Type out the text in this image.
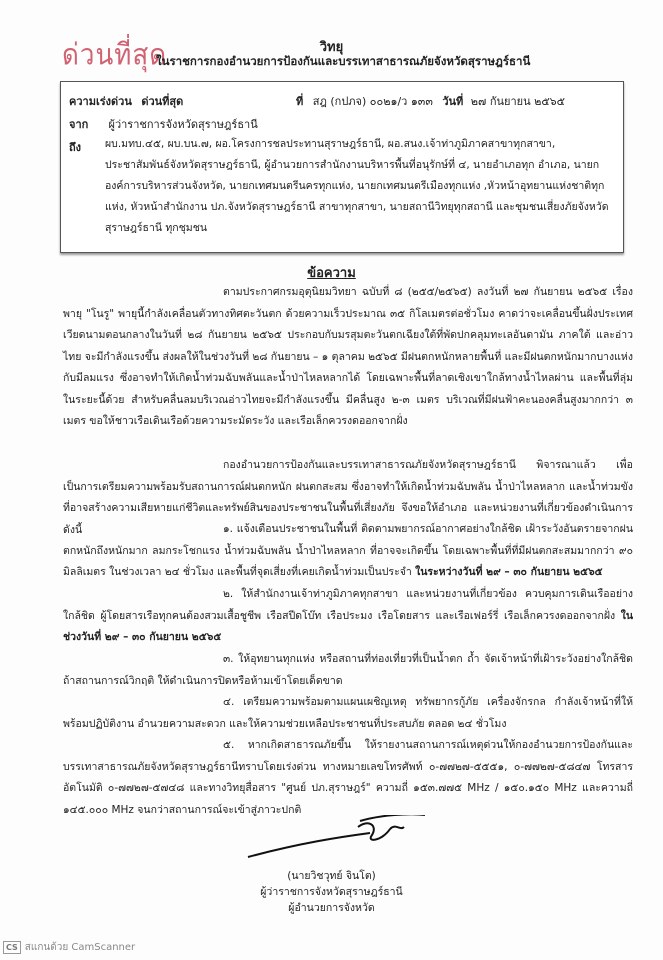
ด่วนที่สุด	วิทยุ
ในราชการกองอำนวยการป้องกันและบรรเทาสาธารณภัยจังหวัดสุราษฎร์ธานี
ความเร่งด่วน ด่วนที่สุด	ที่ สฎ (กปภจ) ๐๐๒๑/ว ๑๓๓ วันที่ ๒๗ กันยายน ๒๕๖๕
จาก ผู้ว่าราชการจังหวัดสุราษฎร์ธานี
ถึง ผบ.มทบ.๔๕, ผบ.บน.๗, ผอ.โครงการชลประทานสุราษฎร์ธานี, ผอ.สนง.เจ้าท่าภูมิภาคสาขาทุกสาขา, ประชาสัมพันธ์จังหวัดสุราษฎร์ธานี, ผู้อำนวยการสำนักงานบริหารพื้นที่อนุรักษ์ที่ ๔, นายอำเภอทุก อำเภอ, นายกองค์การบริหารส่วนจังหวัด, นายกเทศมนตรีนครทุกแห่ง, นายกเทศมนตรีเมืองทุกแห่ง ,หัวหน้าอุทยานแห่งชาติทุกแห่ง, หัวหน้าสำนักงาน ปภ.จังหวัดสุราษฎร์ธานี สาขาทุกสาขา, นายสถานีวิทยุทุกสถานี และชุมชนเสี่ยงภัยจังหวัดสุราษฎร์ธานี ทุกชุมชน
ข้อความ
ตามประกาศกรมอุตุนิยมวิทยา ฉบับที่ ๘ (๒๕๕/๒๕๖๕) ลงวันที่ ๒๗ กันยายน ๒๕๖๕ เรื่อง พายุ "โนรู" พายุนี้กำลังเคลื่อนตัวทางทิศตะวันตก ด้วยความเร็วประมาณ ๓๕ กิโลเมตรต่อชั่วโมง คาดว่าจะเคลื่อนขึ้นฝั่งประเทศเวียดนามตอนกลางในวันที่ ๒๘ กันยายน ๒๕๖๕ ประกอบกับมรสุมตะวันตกเฉียงใต้ที่พัดปกคลุมทะเลอันดามัน ภาคใต้ และอ่าวไทย จะมีกำลังแรงขึ้น ส่งผลให้ในช่วงวันที่ ๒๘ กันยายน – ๑ ตุลาคม ๒๕๖๕ มีฝนตกหนักหลายพื้นที่ และมีฝนตกหนักมากบางแห่งกับมีลมแรง ซึ่งอาจทำให้เกิดน้ำท่วมฉับพลันและน้ำป่าไหลหลากได้ โดยเฉพาะพื้นที่ลาดเชิงเขาใกล้ทางน้ำไหลผ่าน และพื้นที่ลุ่มในระยะนี้ด้วย สำหรับคลื่นลมบริเวณอ่าวไทยจะมีกำลังแรงขึ้น มีคลื่นสูง ๒-๓ เมตร บริเวณที่มีฝนฟ้าคะนองคลื่นสูงมากกว่า ๓ เมตร ขอให้ชาวเรือเดินเรือด้วยความระมัดระวัง และเรือเล็กควรงดออกจากฝั่ง
กองอำนวยการป้องกันและบรรเทาสาธารณภัยจังหวัดสุราษฎร์ธานี พิจารณาแล้ว เพื่อเป็นการเตรียมความพร้อมรับสถานการณ์ฝนตกหนัก ฝนตกสะสม ซึ่งอาจทำให้เกิดน้ำท่วมฉับพลัน น้ำป่าไหลหลาก และน้ำท่วมขัง ที่อาจสร้างความเสียหายแก่ชีวิตและทรัพย์สินของประชาชนในพื้นที่เสี่ยงภัย จึงขอให้อำเภอ และหน่วยงานที่เกี่ยวข้องดำเนินการ ดังนี้	๑. แจ้งเตือนประชาชนในพื้นที่ ติดตามพยากรณ์อากาศอย่างใกล้ชิด เฝ้าระวังอันตรายจากฝนตกหนักถึงหนักมาก ลมกระโชกแรง น้ำท่วมฉับพลัน น้ำป่าไหลหลาก ที่อาจจะเกิดขึ้น โดยเฉพาะพื้นที่ที่มีฝนตกสะสมมากกว่า ๙๐ มิลลิเมตร ในช่วงเวลา ๒๔ ชั่วโมง และพื้นที่จุดเสี่ยงที่เคยเกิดน้ำท่วมเป็นประจำ ในระหว่างวันที่ ๒๙ – ๓๐ กันยายน ๒๕๖๕
๒. ให้สำนักงานเจ้าท่าภูมิภาคทุกสาขา และหน่วยงานที่เกี่ยวข้อง ควบคุมการเดินเรืออย่างใกล้ชิด ผู้โดยสารเรือทุกคนต้องสวมเสื้อชูชีพ เรือสปีดโบ๊ท เรือประมง เรือโดยสาร และเรือเฟอร์รี่ เรือเล็กควรงดออกจากฝั่ง ในช่วงวันที่ ๒๙ – ๓๐ กันยายน ๒๕๖๕
๓. ให้อุทยานทุกแห่ง หรือสถานที่ท่องเที่ยวที่เป็นน้ำตก ถ้ำ จัดเจ้าหน้าที่เฝ้าระวังอย่างใกล้ชิด ถ้าสถานการณ์วิกฤติ ให้ดำเนินการปิดหรือห้ามเข้าโดยเด็ดขาด
๔. เตรียมความพร้อมตามแผนเผชิญเหตุ ทรัพยากรกู้ภัย เครื่องจักรกล กำลังเจ้าหน้าที่ให้พร้อมปฏิบัติงาน อำนวยความสะดวก และให้ความช่วยเหลือประชาชนที่ประสบภัย ตลอด ๒๔ ชั่วโมง
๕. หากเกิดสาธารณภัยขึ้น ให้รายงานสถานการณ์เหตุด่วนให้กองอำนวยการป้องกันและบรรเทาสาธารณภัยจังหวัดสุราษฎร์ธานีทราบโดยเร่งด่วน ทางหมายเลขโทรศัพท์ ๐-๗๗๒๗-๕๕๕๑, ๐-๗๗๒๗-๕๘๔๗ โทรสารอัตโนมัติ ๐-๗๗๒๗-๕๗๔๘ และทางวิทยุสื่อสาร "ศูนย์ ปภ.สุราษฎร์" ความถี่ ๑๕๓.๗๗๕ MHz / ๑๕๐.๑๕๐ MHz และความถี่ ๑๔๕.๐๐๐ MHz จนกว่าสถานการณ์จะเข้าสู่ภาวะปกติ
(นายวิชวุทย์ จินโต)
ผู้ว่าราชการจังหวัดสุราษฎร์ธานี
ผู้อำนวยการจังหวัด
CS สแกนด้วย CamScanner
